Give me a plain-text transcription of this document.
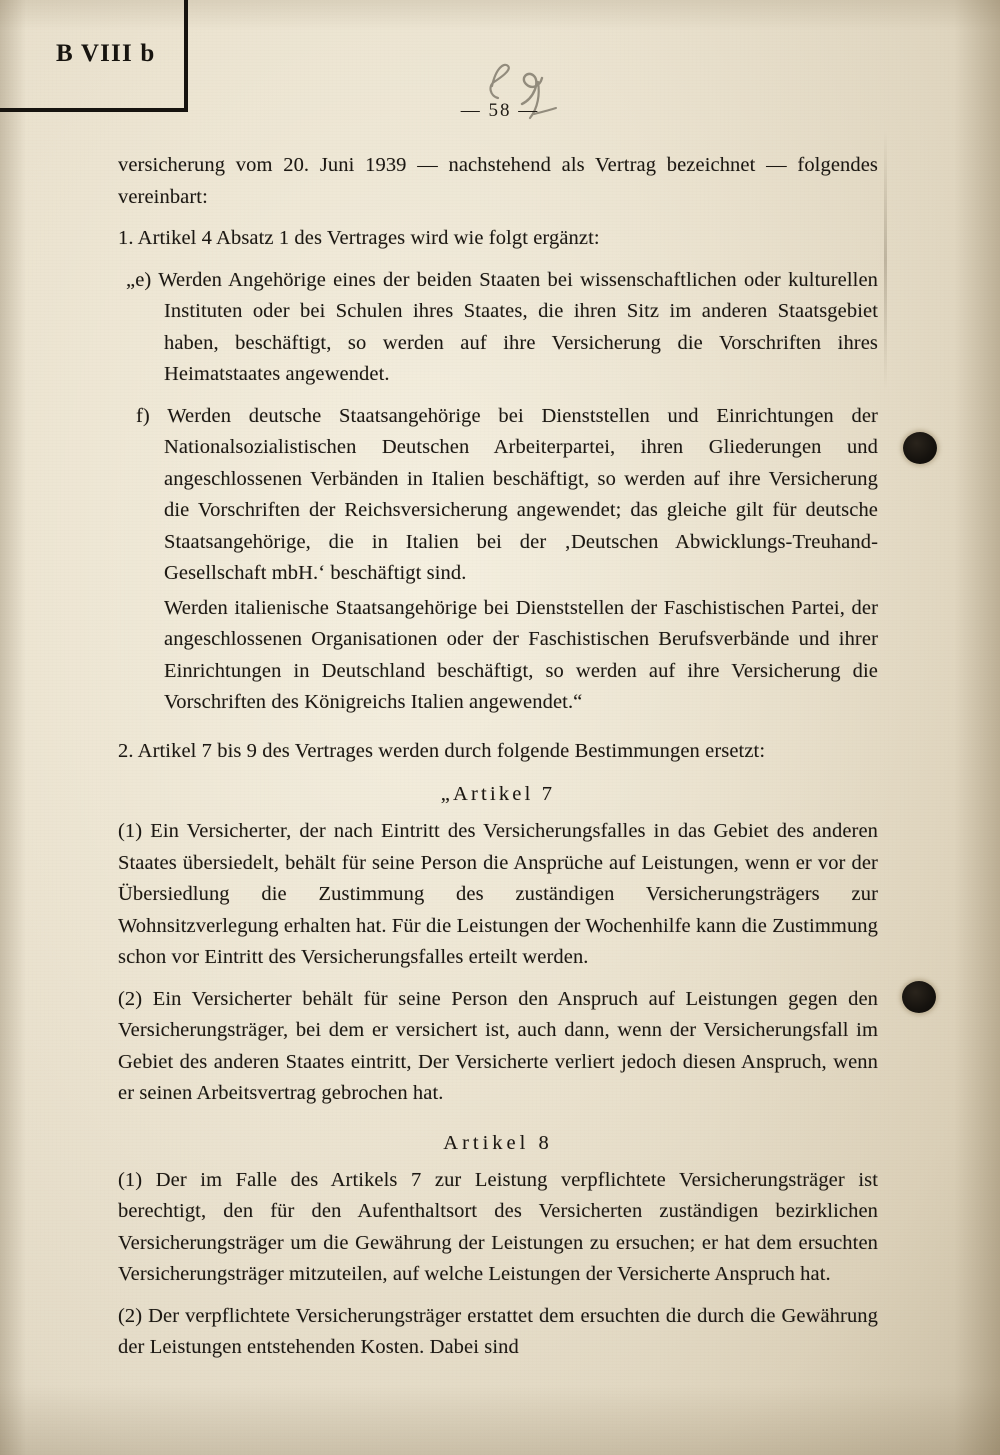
B VIII b
— 58 —

versicherung vom 20. Juni 1939 — nachstehend als Vertrag bezeichnet — folgendes vereinbart:

1. Artikel 4 Absatz 1 des Vertrages wird wie folgt ergänzt:

„e) Werden Angehörige eines der beiden Staaten bei wissenschaftlichen oder kulturellen Instituten oder bei Schulen ihres Staates, die ihren Sitz im anderen Staatsgebiet haben, beschäftigt, so werden auf ihre Versicherung die Vorschriften ihres Heimatstaates angewendet.

f) Werden deutsche Staatsangehörige bei Dienststellen und Einrichtungen der Nationalsozialistischen Deutschen Arbeiterpartei, ihren Gliederungen und angeschlossenen Verbänden in Italien beschäftigt, so werden auf ihre Versicherung die Vorschriften der Reichsversicherung angewendet; das gleiche gilt für deutsche Staatsangehörige, die in Italien bei der ‚Deutschen Abwicklungs-Treuhand-Gesellschaft mbH.‘ beschäftigt sind.

Werden italienische Staatsangehörige bei Dienststellen der Faschistischen Partei, der angeschlossenen Organisationen oder der Faschistischen Berufsverbände und ihrer Einrichtungen in Deutschland beschäftigt, so werden auf ihre Versicherung die Vorschriften des Königreichs Italien angewendet.“

2. Artikel 7 bis 9 des Vertrages werden durch folgende Bestimmungen ersetzt:

„Artikel 7

(1) Ein Versicherter, der nach Eintritt des Versicherungsfalles in das Gebiet des anderen Staates übersiedelt, behält für seine Person die Ansprüche auf Leistungen, wenn er vor der Übersiedlung die Zustimmung des zuständigen Versicherungsträgers zur Wohnsitzverlegung erhalten hat. Für die Leistungen der Wochenhilfe kann die Zustimmung schon vor Eintritt des Versicherungsfalles erteilt werden.

(2) Ein Versicherter behält für seine Person den Anspruch auf Leistungen gegen den Versicherungsträger, bei dem er versichert ist, auch dann, wenn der Versicherungsfall im Gebiet des anderen Staates eintritt, Der Versicherte verliert jedoch diesen Anspruch, wenn er seinen Arbeitsvertrag gebrochen hat.

Artikel 8

(1) Der im Falle des Artikels 7 zur Leistung verpflichtete Versicherungsträger ist berechtigt, den für den Aufenthaltsort des Versicherten zuständigen bezirklichen Versicherungsträger um die Gewährung der Leistungen zu ersuchen; er hat dem ersuchten Versicherungsträger mitzuteilen, auf welche Leistungen der Versicherte Anspruch hat.

(2) Der verpflichtete Versicherungsträger erstattet dem ersuchten die durch die Gewährung der Leistungen entstehenden Kosten. Dabei sind
